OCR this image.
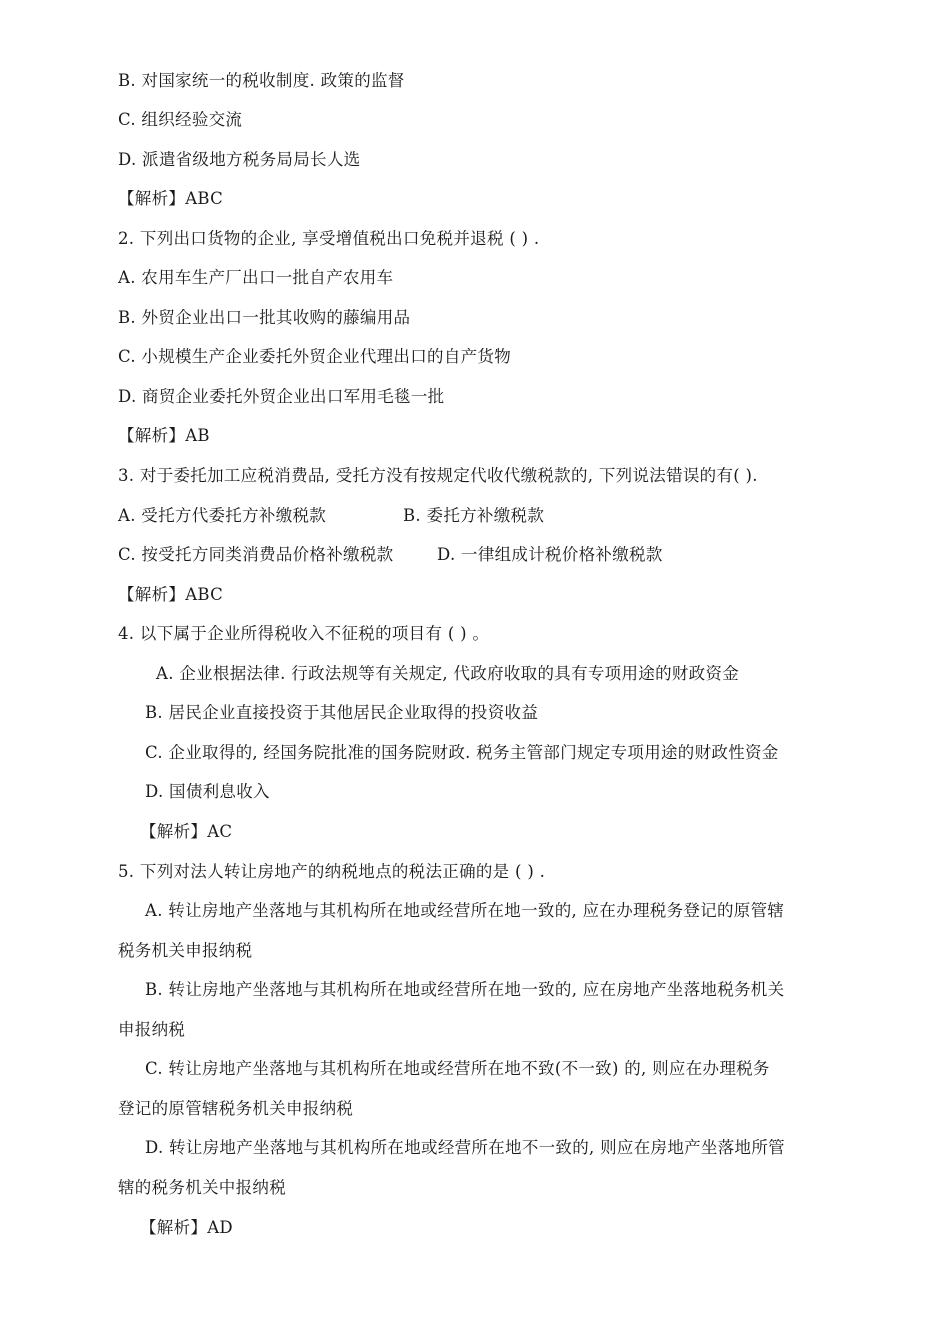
B. 对国家统一的税收制度. 政策的监督
C. 组织经验交流
D. 派遣省级地方税务局局长人选
【解析】ABC
2. 下列出口货物的企业, 享受增值税出口免税并退税 ( ) .
A. 农用车生产厂出口一批自产农用车
B. 外贸企业出口一批其收购的藤编用品
C. 小规模生产企业委托外贸企业代理出口的自产货物
D. 商贸企业委托外贸企业出口军用毛毯一批
【解析】AB
3. 对于委托加工应税消费品, 受托方没有按规定代收代缴税款的, 下列说法错误的有( ).
A. 受托方代委托方补缴税款	B. 委托方补缴税款
C. 按受托方同类消费品价格补缴税款	D. 一律组成计税价格补缴税款
【解析】ABC
4. 以下属于企业所得税收入不征税的项目有 ( ) 。
A. 企业根据法律. 行政法规等有关规定, 代政府收取的具有专项用途的财政资金
B. 居民企业直接投资于其他居民企业取得的投资收益
C. 企业取得的, 经国务院批准的国务院财政. 税务主管部门规定专项用途的财政性资金
D. 国债利息收入
【解析】AC
5. 下列对法人转让房地产的纳税地点的税法正确的是 ( ) .
A. 转让房地产坐落地与其机构所在地或经营所在地一致的, 应在办理税务登记的原管辖
税务机关申报纳税
B. 转让房地产坐落地与其机构所在地或经营所在地一致的, 应在房地产坐落地税务机关
申报纳税
C. 转让房地产坐落地与其机构所在地或经营所在地不致(不一致) 的, 则应在办理税务
登记的原管辖税务机关申报纳税
D. 转让房地产坐落地与其机构所在地或经营所在地不一致的, 则应在房地产坐落地所管
辖的税务机关中报纳税
【解析】AD
